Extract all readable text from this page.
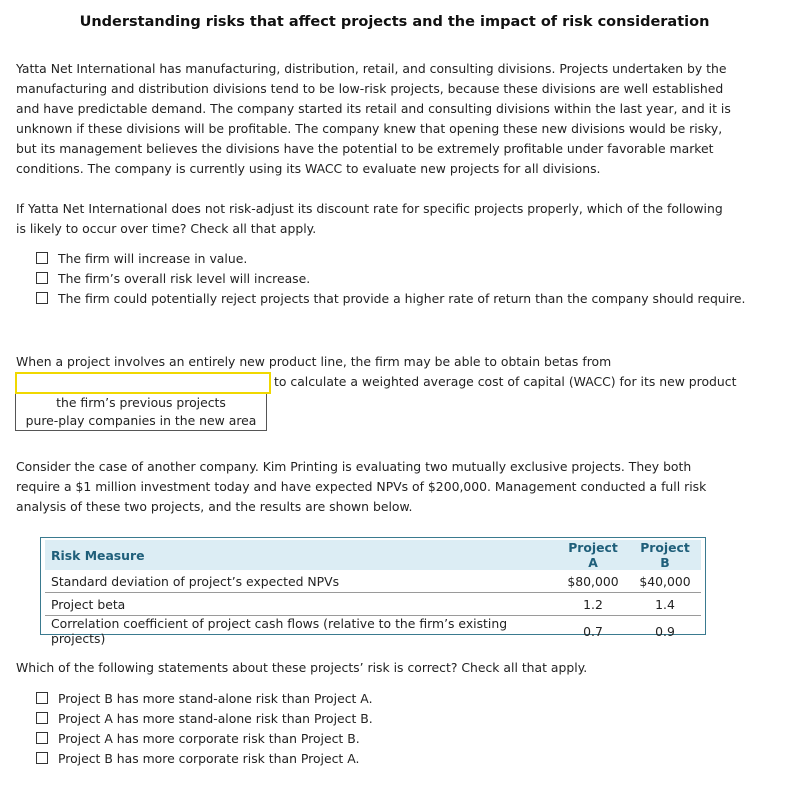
Understanding risks that affect projects and the impact of risk consideration

Yatta Net International has manufacturing, distribution, retail, and consulting divisions. Projects undertaken by the manufacturing and distribution divisions tend to be low-risk projects, because these divisions are well established and have predictable demand. The company started its retail and consulting divisions within the last year, and it is unknown if these divisions will be profitable. The company knew that opening these new divisions would be risky, but its management believes the divisions have the potential to be extremely profitable under favorable market conditions. The company is currently using its WACC to evaluate new projects for all divisions.

If Yatta Net International does not risk-adjust its discount rate for specific projects properly, which of the following is likely to occur over time? Check all that apply.

The firm will increase in value.
The firm’s overall risk level will increase.
The firm could potentially reject projects that provide a higher rate of return than the company should require.

When a project involves an entirely new product line, the firm may be able to obtain betas from

the firm’s previous projects
pure-play companies in the new area
to calculate a weighted average cost of capital (WACC) for its new product

Consider the case of another company. Kim Printing is evaluating two mutually exclusive projects. They both require a $1 million investment today and have expected NPVs of $200,000. Management conducted a full risk analysis of these two projects, and the results are shown below.

Risk Measure	Project A	Project B
Standard deviation of project’s expected NPVs	$80,000	$40,000
Project beta	1.2	1.4
Correlation coefficient of project cash flows (relative to the firm’s existing projects)	0.7	0.9

Which of the following statements about these projects’ risk is correct? Check all that apply.

Project B has more stand-alone risk than Project A.
Project A has more stand-alone risk than Project B.
Project A has more corporate risk than Project B.
Project B has more corporate risk than Project A.
